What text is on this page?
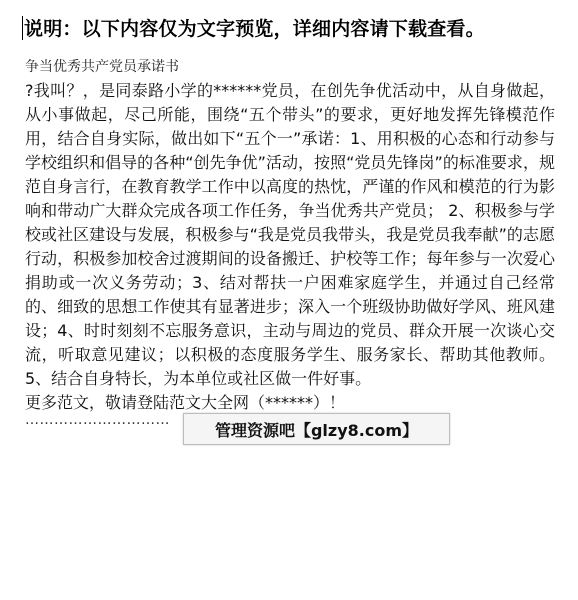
说明：以下内容仅为文字预览，详细内容请下载查看。
争当优秀共产党员承诺书

?我叫？，是同泰路小学的******党员，在创先争优活动中，从自身做起，从小事做起，尽己所能，围绕“五个带头”的要求，更好地发挥先锋模范作用，结合自身实际，做出如下“五个一”承诺：1、用积极的心态和行动参与学校组织和倡导的各种“创先争优”活动，按照“党员先锋岗”的标准要求，规范自身言行，在教育教学工作中以高度的热忱，严谨的作风和模范的行为影响和带动广大群众完成各项工作任务，争当优秀共产党员； 2、积极参与学校或社区建设与发展，积极参与“我是党员我带头，我是党员我奉献”的志愿行动，积极参加校舍过渡期间的设备搬迁、护校等工作；每年参与一次爱心捐助或一次义务劳动；3、结对帮扶一户困难家庭学生，并通过自己经常的、细致的思想工作使其有显著进步；深入一个班级协助做好学风、班风建设；4、时时刻刻不忘服务意识，主动与周边的党员、群众开展一次谈心交流，听取意见建议；以积极的态度服务学生、服务家长、帮助其他教师。5、结合自身特长，为本单位或社区做一件好事。

更多范文，敬请登陆范文大全网（******）！
…………………………
管理资源吧【glzy8.com】
